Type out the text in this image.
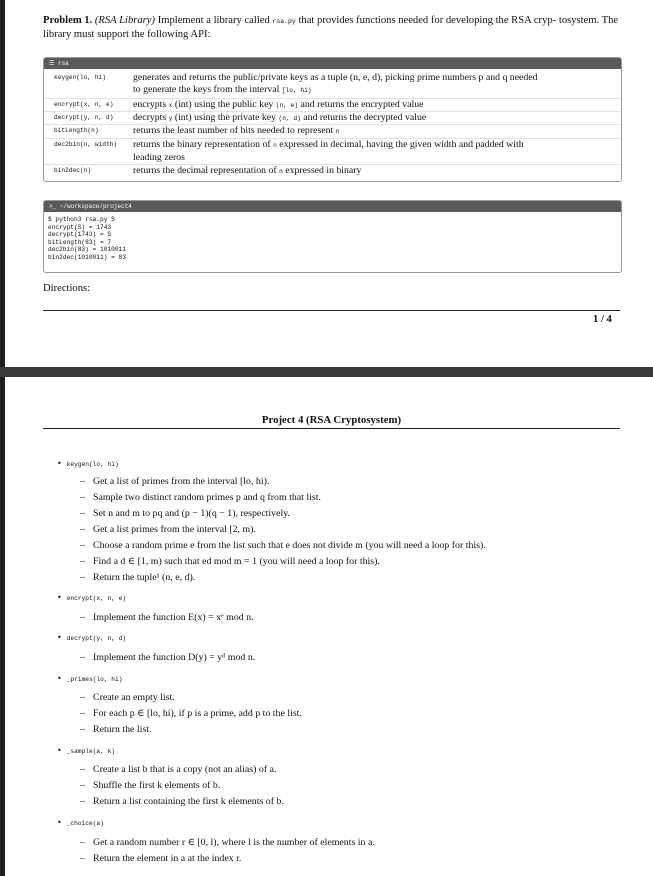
Problem 1. (RSA Library) Implement a library called rsa.py that provides functions needed for developing the RSA cryp- tosystem. The library must support the following API:
☰ rsa
keygen(lo, hi)	generates and returns the public/private keys as a tuple (n, e, d), picking prime numbers p and q needed
to generate the keys from the interval [lo, hi)
encrypt(x, n, e) encrypts x (int) using the public key (n, e) and returns the encrypted value
decrypt(y, n, d) decrypts y (int) using the private key (n, d) and returns the decrypted value
bitLength(n)	returns the least number of bits needed to represent n
dec2bin(n, width) returns the binary representation of n expressed in decimal, having the given width and padded with
leading zeros
bin2dec(n)	returns the decimal representation of n expressed in binary
>_ ~/workspace/project4
$ python3 rsa.py S
encrypt(S) = 1743
decrypt(1743) = S
bitLength(83) = 7
dec2bin(83) = 1010011
bin2dec(1010011) = 83
Directions:
1 / 4
Project 4 (RSA Cryptosystem)
• keygen(lo, hi)
– Get a list of primes from the interval [lo, hi).
– Sample two distinct random primes p and q from that list.
– Set n and m to pq and (p − 1)(q − 1), respectively.
– Get a list primes from the interval [2, m).
– Choose a random prime e from the list such that e does not divide m (you will need a loop for this).
– Find a d ∈ [1, m) such that ed mod m = 1 (you will need a loop for this).
– Return the tuple¹ (n, e, d).
• encrypt(x, n, e)
– Implement the function E(x) = xᵉ mod n.
• decrypt(y, n, d)
– Implement the function D(y) = yᵈ mod n.
• _primes(lo, hi)
– Create an empty list.
– For each p ∈ [lo, hi), if p is a prime, add p to the list.
– Return the list.
• _sample(a, k)
– Create a list b that is a copy (not an alias) of a.
– Shuffle the first k elements of b.
– Return a list containing the first k elements of b.
• _choice(a)
– Get a random number r ∈ [0, l), where l is the number of elements in a.
– Return the element in a at the index r.
